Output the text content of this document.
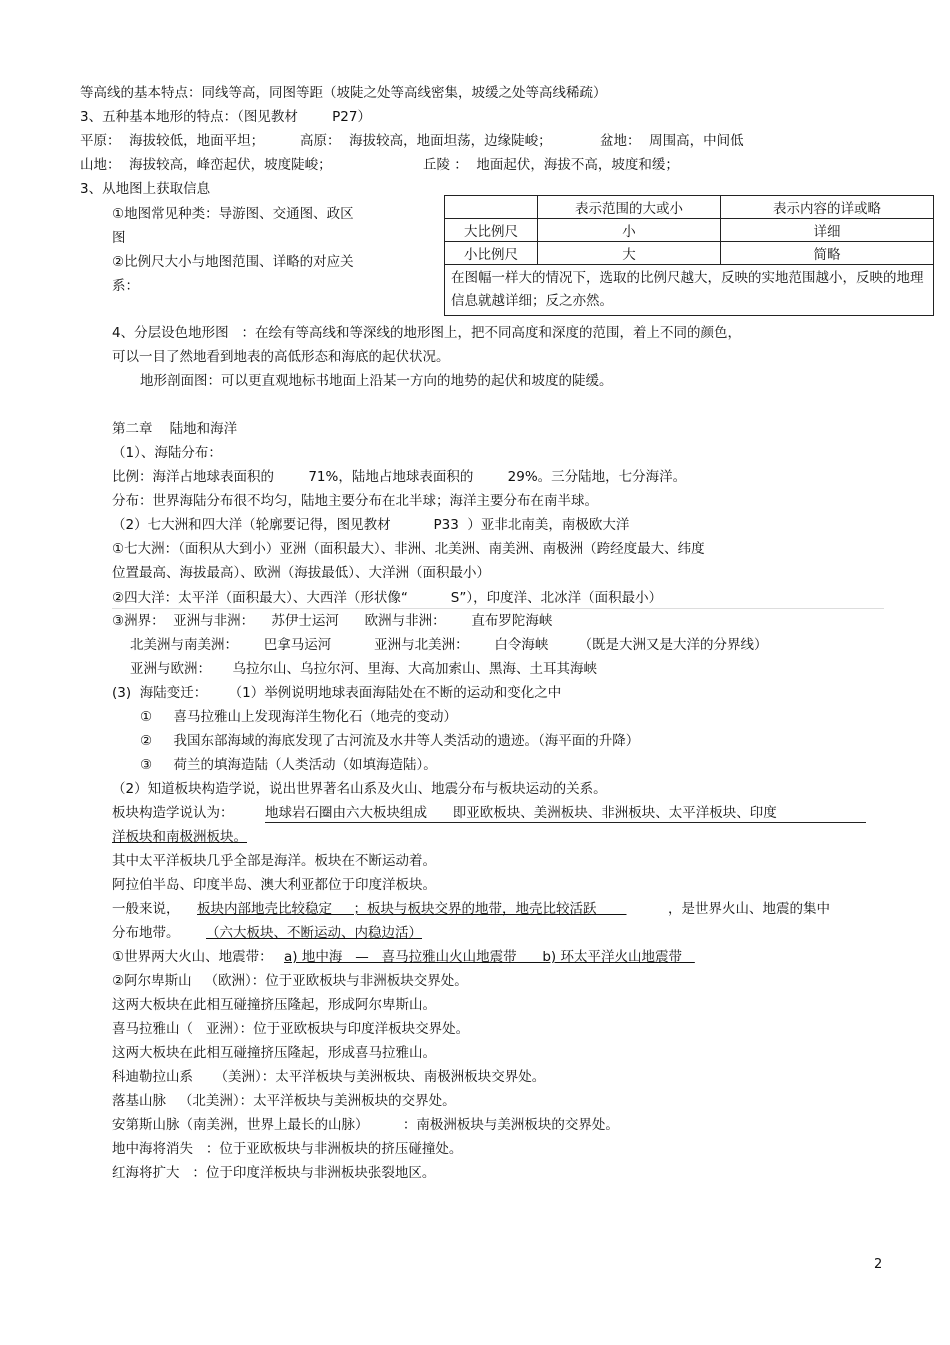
等高线的基本特点：同线等高，同图等距（坡陡之处等高线密集，坡缓之处等高线稀疏）
3、五种基本地形的特点：（图见教材        P27）
平原：  海拔较低，地面平坦；	高原：  海拔较高，地面坦荡，边缘陡峻；	盆地：  周围高，中间低
山地：  海拔较高，峰峦起伏，坡度陡峻；	丘陵 ：  地面起伏，海拔不高，坡度和缓；
3、从地图上获取信息
①地图常见种类：导游图、交通图、政区
图
②比例尺大小与地图范围、详略的对应关
系：
	表示范围的大或小	表示内容的详或略
大比例尺	小	详细
小比例尺	大	简略
在图幅一样大的情况下，选取的比例尺越大，反映的实地范围越小，反映的地理信息就越详细；反之亦然。		
4、分层设色地形图   ：在绘有等高线和等深线的地形图上，把不同高度和深度的范围，着上不同的颜色，
可以一目了然地看到地表的高低形态和海底的起伏状况。
地形剖面图：可以更直观地标书地面上沿某一方向的地势的起伏和坡度的陡缓。
第二章    陆地和海洋
（1）、海陆分布：
比例：海洋占地球表面积的        71%，陆地占地球表面积的        29%。三分陆地，七分海洋。
分布：世界海陆分布很不均匀，陆地主要分布在北半球；海洋主要分布在南半球。
（2）七大洲和四大洋（轮廓要记得，图见教材          P33  ）亚非北南美，南极欧大洋
①七大洲：（面积从大到小）亚洲（面积最大）、非洲、北美洲、南美洲、南极洲（跨经度最大、纬度
位置最高、海拔最高）、欧洲（海拔最低）、大洋洲（面积最小）
②四大洋：太平洋（面积最大）、大西洋（形状像“          S”），印度洋、北冰洋（面积最小）
③洲界：  亚洲与非洲：    苏伊士运河      欧洲与非洲：      直布罗陀海峡
北美洲与南美洲：      巴拿马运河          亚洲与北美洲：      白令海峡       （既是大洲又是大洋的分界线）
亚洲与欧洲：     乌拉尔山、乌拉尔河、里海、大高加索山、黑海、土耳其海峡
(3)  海陆变迁：     （1）举例说明地球表面海陆处在不断的运动和变化之中
①     喜马拉雅山上发现海洋生物化石（地壳的变动）
②     我国东部海域的海底发现了古河流及水井等人类活动的遗迹。（海平面的升降）
③     荷兰的填海造陆（人类活动（如填海造陆）。
（2）知道板块构造学说，说出世界著名山系及火山、地震分布与板块运动的关系。
板块构造学说认为： 地球岩石圈由六大板块组成      即亚欧板块、美洲板块、非洲板块、太平洋板块、印度
洋板块和南极洲板块。
其中太平洋板块几乎全部是海洋。板块在不断运动着。
阿拉伯半岛、印度半岛、澳大利亚都位于印度洋板块。
一般来说， 板块内部地壳比较稳定     ；板块与板块交界的地带，地壳比较活跃	，是世界火山、地震的集中
分布地带。 （六大板块、不断运动、内稳边活）
①世界两大火山、地震带： a) 地中海   —   喜马拉雅山火山地震带      b) 环太平洋火山地震带
②阿尔卑斯山   （欧洲）：位于亚欧板块与非洲板块交界处。
这两大板块在此相互碰撞挤压隆起，形成阿尔卑斯山。
喜马拉雅山（   亚洲）：位于亚欧板块与印度洋板块交界处。
这两大板块在此相互碰撞挤压隆起，形成喜马拉雅山。
科迪勒拉山系     （美洲）：太平洋板块与美洲板块、南极洲板块交界处。
落基山脉   （北美洲）：太平洋板块与美洲板块的交界处。
安第斯山脉（南美洲，世界上最长的山脉）        ：南极洲板块与美洲板块的交界处。
地中海将消失   ：位于亚欧板块与非洲板块的挤压碰撞处。
红海将扩大   ：位于印度洋板块与非洲板块张裂地区。
2
